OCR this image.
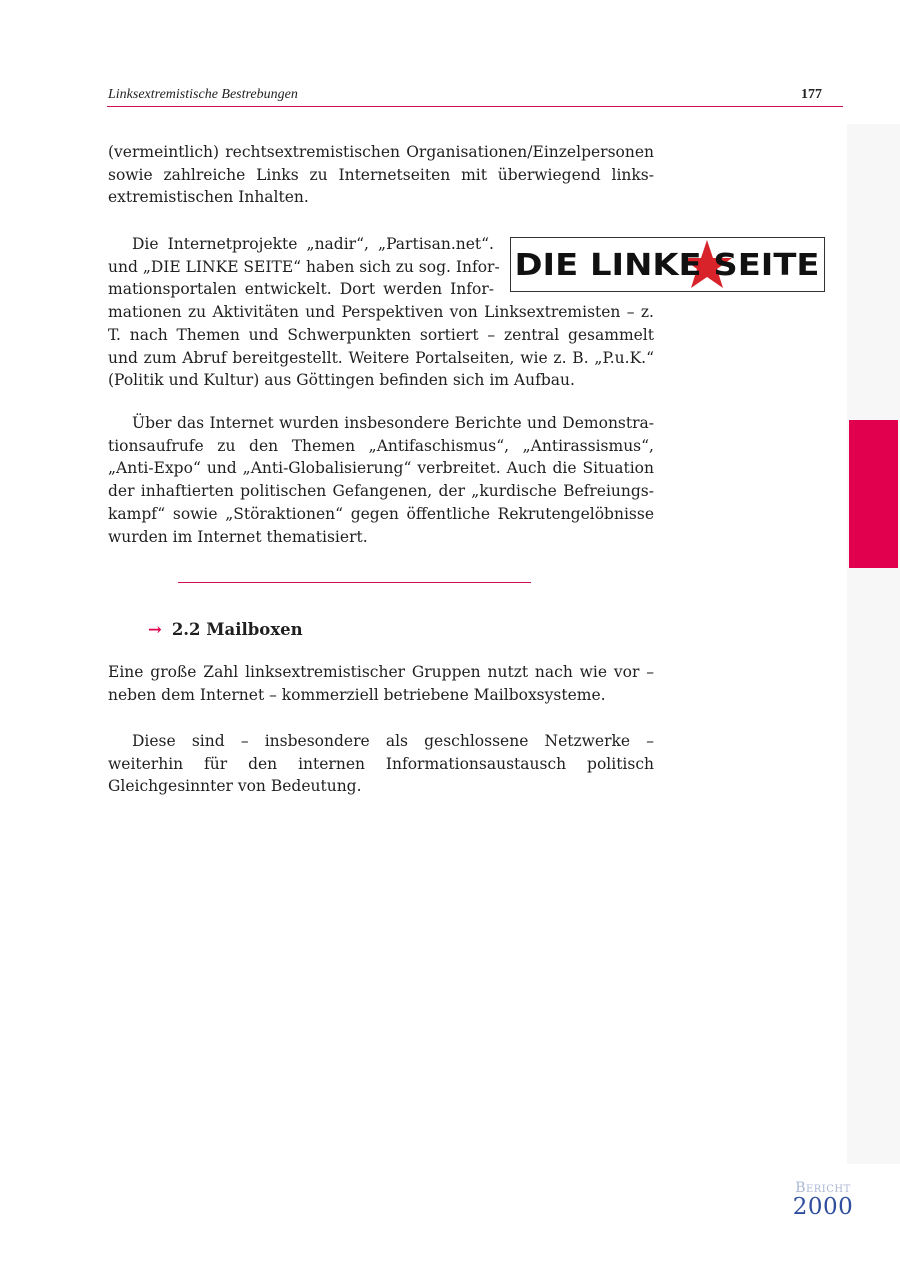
Linksextremistische Bestrebungen	177

(vermeintlich) rechtsextremistischen Organisationen/Einzelpersonen sowie zahlreiche Links zu Internetseiten mit überwiegend links-extremistischen Inhalten.

Die Internetprojekte „nadir“, „Partisan.net“.
und „DIE LINKE SEITE“ haben sich zu sog. Infor-
mationsportalen entwickelt. Dort werden Infor-
mationen zu Aktivitäten und Perspektiven von Linksextremisten – z. T. nach Themen und Schwerpunkten sortiert – zentral gesammelt und zum Abruf bereitgestellt. Weitere Portalseiten, wie z. B. „P.u.K.“ (Politik und Kultur) aus Göttingen befinden sich im Aufbau.
DIE LINKE SEITE

Über das Internet wurden insbesondere Berichte und Demonstra-tionsaufrufe zu den Themen „Antifaschismus“, „Antirassismus“, „Anti-Expo“ und „Anti-Globalisierung“ verbreitet. Auch die Situation der inhaftierten politischen Gefangenen, der „kurdische Befreiungs-kampf“ sowie „Störaktionen“ gegen öffentliche Rekrutengelöbnisse wurden im Internet thematisiert.

→ 2.2 Mailboxen

Eine große Zahl linksextremistischer Gruppen nutzt nach wie vor – neben dem Internet – kommerziell betriebene Mailboxsysteme.

Diese sind – insbesondere als geschlossene Netzwerke – weiterhin für den internen Informationsaustausch politisch Gleichgesinnter von Bedeutung.

Bericht
2000
